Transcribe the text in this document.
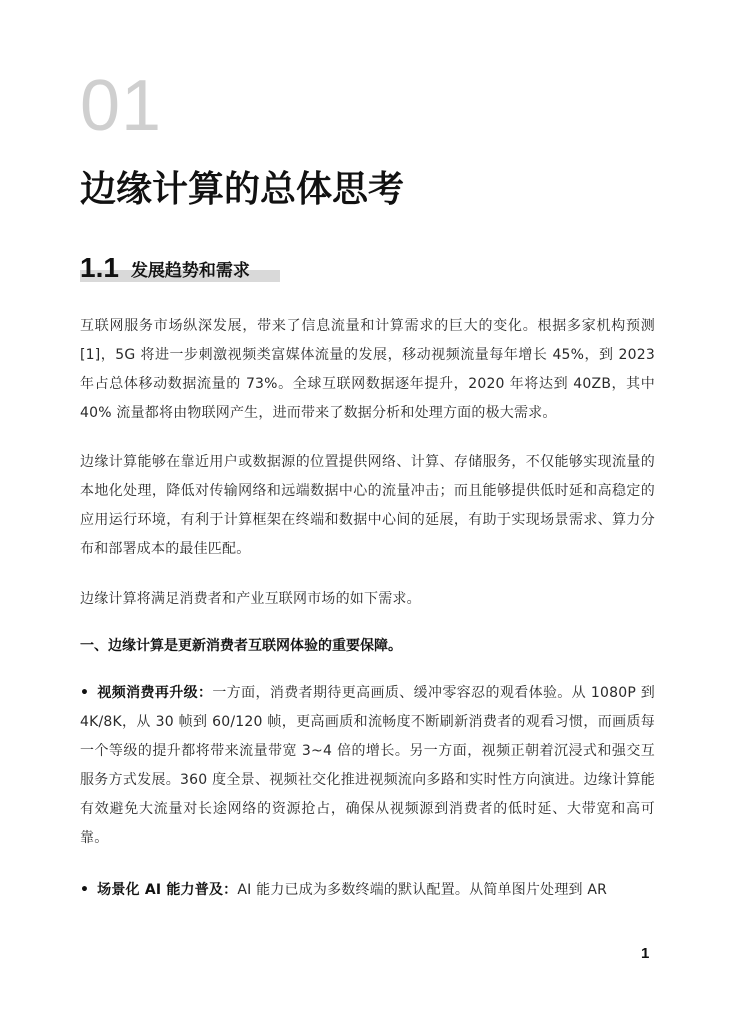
01
边缘计算的总体思考
1.1 发展趋势和需求

互联网服务市场纵深发展，带来了信息流量和计算需求的巨大的变化。根据多家机构预测 [1]，5G 将进一步刺激视频类富媒体流量的发展，移动视频流量每年增长 45%，到 2023 年占总体移动数据流量的 73%。全球互联网数据逐年提升，2020 年将达到 40ZB，其中 40% 流量都将由物联网产生，进而带来了数据分析和处理方面的极大需求。

边缘计算能够在靠近用户或数据源的位置提供网络、计算、存储服务，不仅能够实现流量的本地化处理，降低对传输网络和远端数据中心的流量冲击；而且能够提供低时延和高稳定的应用运行环境，有利于计算框架在终端和数据中心间的延展，有助于实现场景需求、算力分布和部署成本的最佳匹配。

边缘计算将满足消费者和产业互联网市场的如下需求。

一、边缘计算是更新消费者互联网体验的重要保障。

• 视频消费再升级：一方面，消费者期待更高画质、缓冲零容忍的观看体验。从 1080P 到 4K/8K，从 30 帧到 60/120 帧，更高画质和流畅度不断刷新消费者的观看习惯，而画质每一个等级的提升都将带来流量带宽 3~4 倍的增长。另一方面，视频正朝着沉浸式和强交互服务方式发展。360 度全景、视频社交化推进视频流向多路和实时性方向演进。边缘计算能有效避免大流量对长途网络的资源抢占，确保从视频源到消费者的低时延、大带宽和高可靠。

• 场景化 AI 能力普及：AI 能力已成为多数终端的默认配置。从简单图片处理到 AR

1
